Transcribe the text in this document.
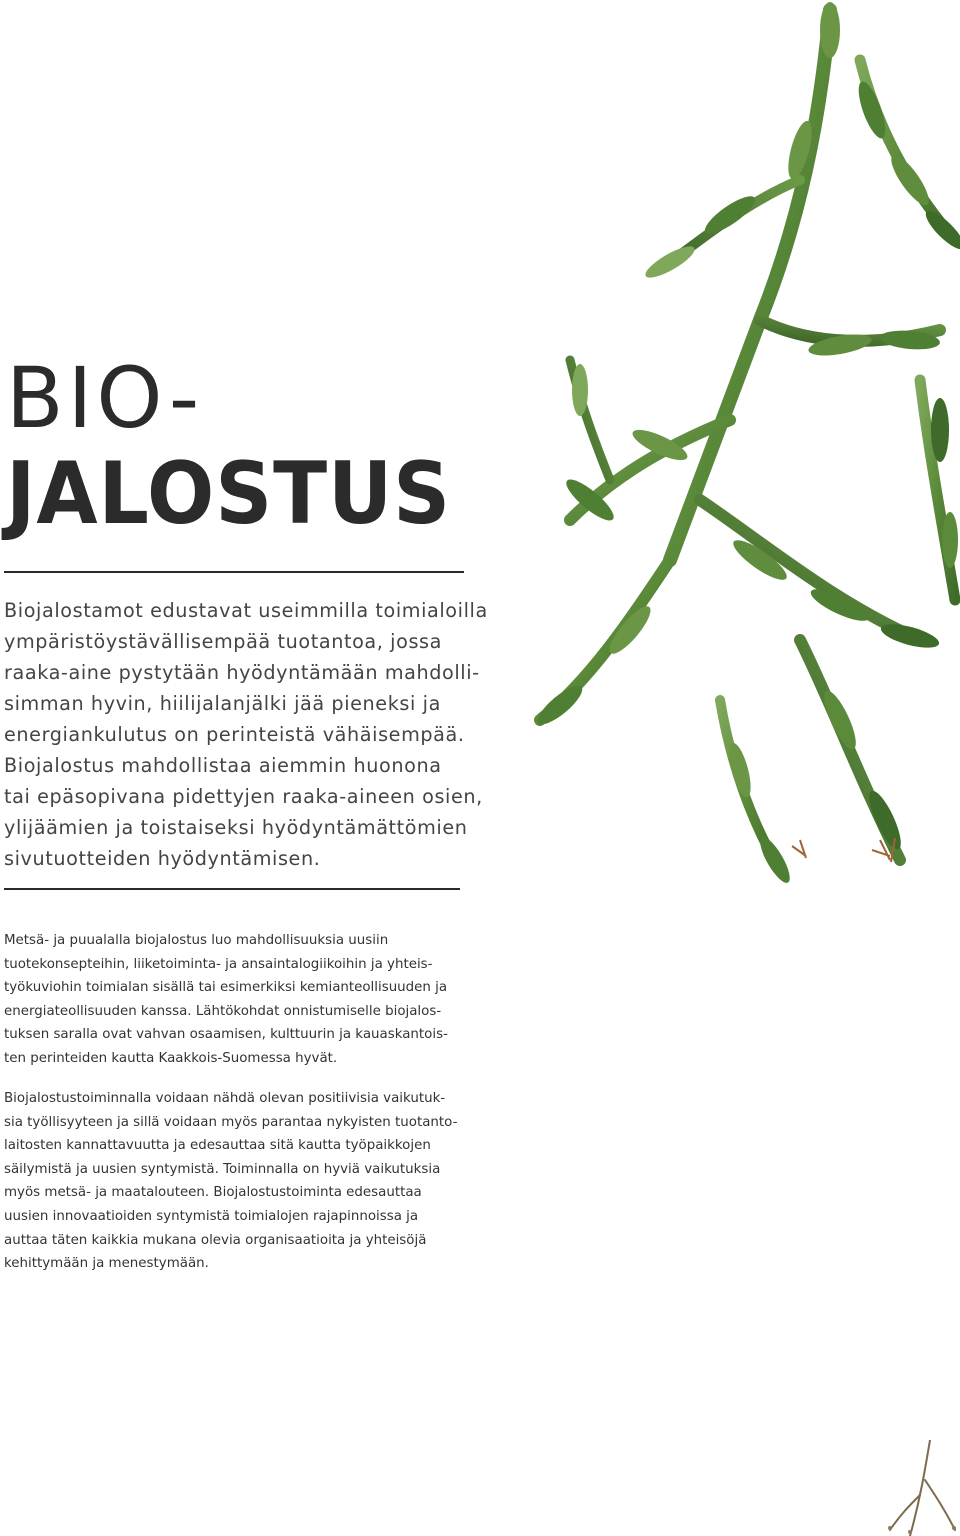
BIO-
JALOSTUS

Biojalostamot edustavat useimmilla toimialoilla
ympäristöystävällisempää tuotantoa, jossa
raaka-aine pystytään hyödyntämään mahdolli-
simman hyvin, hiilijalanjälki jää pieneksi ja
energiankulutus on perinteistä vähäisempää.
Biojalostus mahdollistaa aiemmin huonona
tai epäsopivana pidettyjen raaka-aineen osien,
ylijäämien ja toistaiseksi hyödyntämättömien
sivutuotteiden hyödyntämisen.

Metsä- ja puualalla biojalostus luo mahdollisuuksia uusiin
tuotekonsepteihin, liiketoiminta- ja ansaintalogiikoihin ja yhteis-
työkuviohin toimialan sisällä tai esimerkiksi kemianteollisuuden ja
energiateollisuuden kanssa. Lähtökohdat onnistumiselle biojalos-
tuksen saralla ovat vahvan osaamisen, kulttuurin ja kauaskantois-
ten perinteiden kautta Kaakkois-Suomessa hyvät.

Biojalostustoiminnalla voidaan nähdä olevan positiivisia vaikutuk-
sia työllisyyteen ja sillä voidaan myös parantaa nykyisten tuotanto-
laitosten kannattavuutta ja edesauttaa sitä kautta työpaikkojen
säilymistä ja uusien syntymistä. Toiminnalla on hyviä vaikutuksia
myös metsä- ja maatalouteen. Biojalostustoiminta edesauttaa
uusien innovaatioiden syntymistä toimialojen rajapinnoissa ja
auttaa täten kaikkia mukana olevia organisaatioita ja yhteisöjä
kehittymään ja menestymään.
